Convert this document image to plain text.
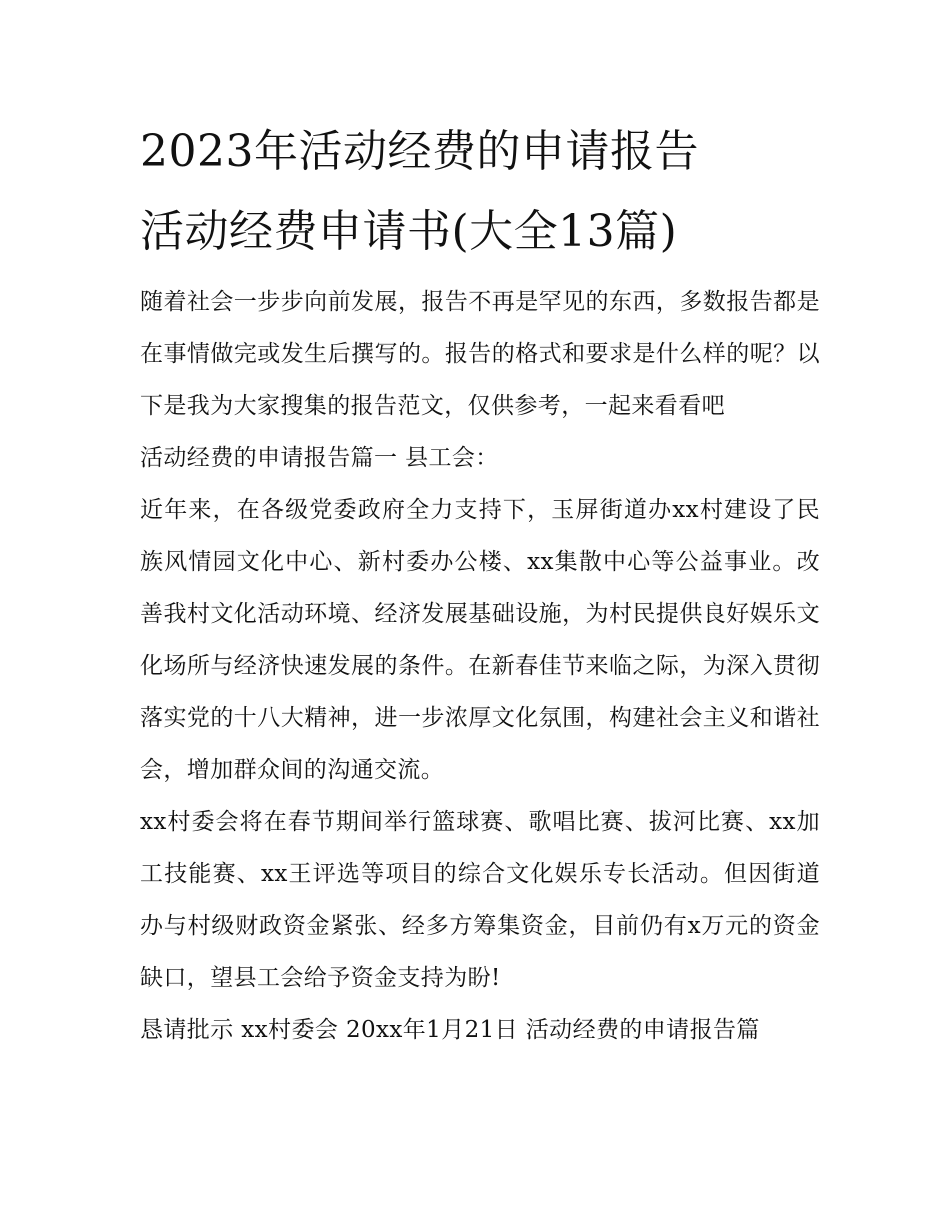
2023年活动经费的申请报告
活动经费申请书(大全13篇)

随着社会一步步向前发展，报告不再是罕见的东西，多数报告都是在事情做完或发生后撰写的。报告的格式和要求是什么样的呢？以下是我为大家搜集的报告范文，仅供参考，一起来看看吧

活动经费的申请报告篇一 县工会：

近年来，在各级党委政府全力支持下，玉屏街道办xx村建设了民族风情园文化中心、新村委办公楼、xx集散中心等公益事业。改善我村文化活动环境、经济发展基础设施，为村民提供良好娱乐文化场所与经济快速发展的条件。在新春佳节来临之际，为深入贯彻落实党的十八大精神，进一步浓厚文化氛围，构建社会主义和谐社会，增加群众间的沟通交流。

xx村委会将在春节期间举行篮球赛、歌唱比赛、拔河比赛、xx加工技能赛、xx王评选等项目的综合文化娱乐专长活动。但因街道办与村级财政资金紧张、经多方筹集资金，目前仍有x万元的资金缺口，望县工会给予资金支持为盼!

恳请批示 xx村委会 20xx年1月21日 活动经费的申请报告篇
